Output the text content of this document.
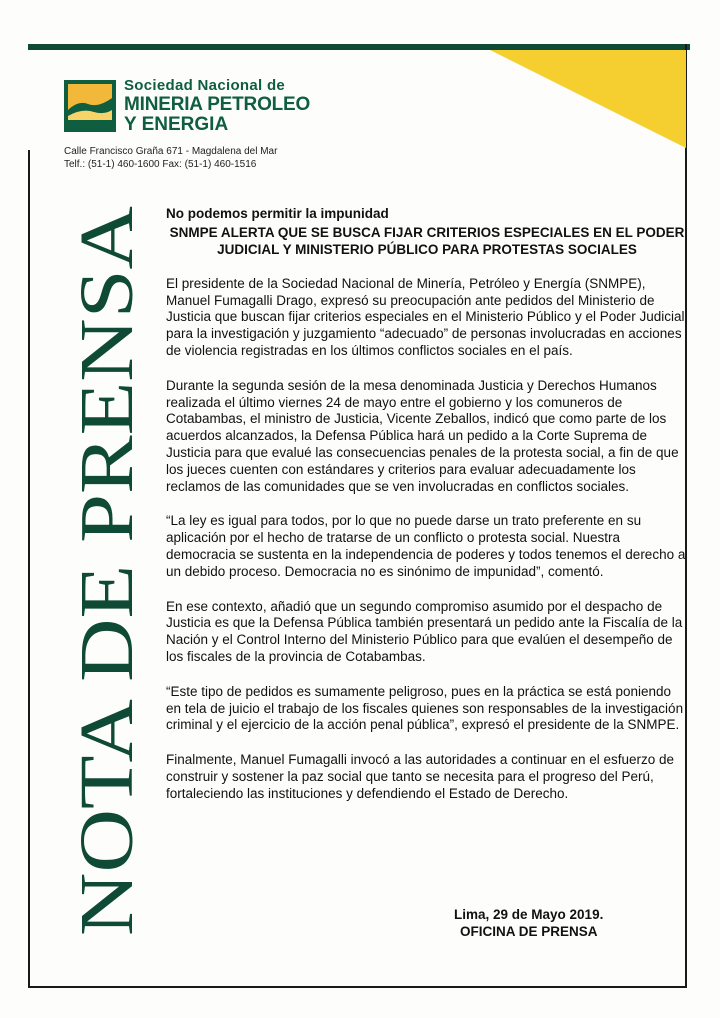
Sociedad Nacional de
MINERIA PETROLEO
Y ENERGIA
Calle Francisco Graña 671 - Magdalena del Mar
Telf.: (51-1) 460-1600 Fax: (51-1) 460-1516
NOTA DE PRENSA
No podemos permitir la impunidad
SNMPE ALERTA QUE SE BUSCA FIJAR CRITERIOS ESPECIALES EN EL PODER JUDICIAL Y MINISTERIO PÚBLICO PARA PROTESTAS SOCIALES

El presidente de la Sociedad Nacional de Minería, Petróleo y Energía (SNMPE), Manuel Fumagalli Drago, expresó su preocupación ante pedidos del Ministerio de Justicia que buscan fijar criterios especiales en el Ministerio Público y el Poder Judicial para la investigación y juzgamiento “adecuado” de personas involucradas en acciones de violencia registradas en los últimos conflictos sociales en el país.

Durante la segunda sesión de la mesa denominada Justicia y Derechos Humanos realizada el último viernes 24 de mayo entre el gobierno y los comuneros de Cotabambas, el ministro de Justicia, Vicente Zeballos, indicó que como parte de los acuerdos alcanzados, la Defensa Pública hará un pedido a la Corte Suprema de Justicia para que evalué las consecuencias penales de la protesta social, a fin de que los jueces cuenten con estándares y criterios para evaluar adecuadamente los reclamos de las comunidades que se ven involucradas en conflictos sociales.

“La ley es igual para todos, por lo que no puede darse un trato preferente en su aplicación por el hecho de tratarse de un conflicto o protesta social. Nuestra democracia se sustenta en la independencia de poderes y todos tenemos el derecho a un debido proceso. Democracia no es sinónimo de impunidad”, comentó.

En ese contexto, añadió que un segundo compromiso asumido por el despacho de Justicia es que la Defensa Pública también presentará un pedido ante la Fiscalía de la Nación y el Control Interno del Ministerio Público para que evalúen el desempeño de los fiscales de la provincia de Cotabambas.

“Este tipo de pedidos es sumamente peligroso, pues en la práctica se está poniendo en tela de juicio el trabajo de los fiscales quienes son responsables de la investigación criminal y el ejercicio de la acción penal pública”, expresó el presidente de la SNMPE.

Finalmente, Manuel Fumagalli invocó a las autoridades a continuar en el esfuerzo de construir y sostener la paz social que tanto se necesita para el progreso del Perú, fortaleciendo las instituciones y defendiendo el Estado de Derecho.

Lima, 29 de Mayo 2019.
OFICINA DE PRENSA
